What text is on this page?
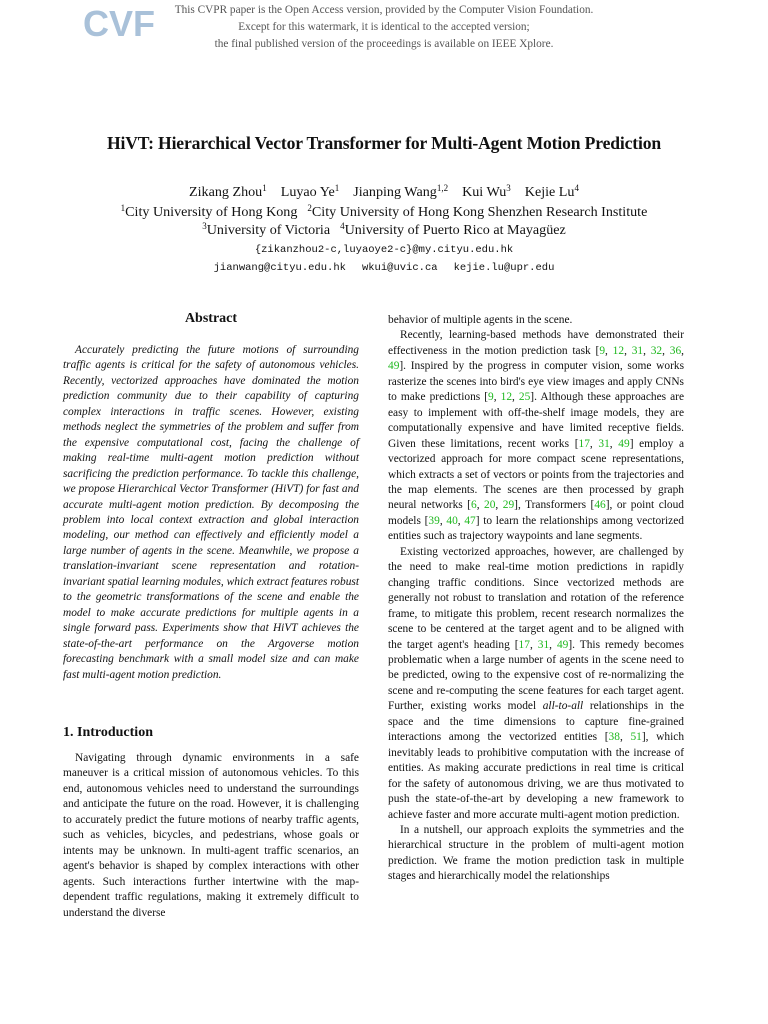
CVF	This CVPR paper is the Open Access version, provided by the Computer Vision Foundation.
Except for this watermark, it is identical to the accepted version;
the final published version of the proceedings is available on IEEE Xplore.
HiVT: Hierarchical Vector Transformer for Multi-Agent Motion Prediction
Zikang Zhou$^1$ Luyao Ye$^1$ Jianping Wang$^{1,2}$ Kui Wu$^3$ Kejie Lu$^4$
$^1$City University of Hong Kong $^2$City University of Hong Kong Shenzhen Research Institute
$^3$University of Victoria $^4$University of Puerto Rico at Mayagüez
{zikanzhou2-c,luyaoye2-c}@my.cityu.edu.hk
jianwang@cityu.edu.hk wkui@uvic.ca kejie.lu@upr.edu
Abstract

Accurately predicting the future motions of surrounding traffic agents is critical for the safety of autonomous vehicles. Recently, vectorized approaches have dominated the motion prediction community due to their capability of capturing complex interactions in traffic scenes. However, existing methods neglect the symmetries of the problem and suffer from the expensive computational cost, facing the challenge of making real-time multi-agent motion prediction without sacrificing the prediction performance. To tackle this challenge, we propose Hierarchical Vector Transformer (HiVT) for fast and accurate multi-agent motion prediction. By decomposing the problem into local context extraction and global interaction modeling, our method can effectively and efficiently model a large number of agents in the scene. Meanwhile, we propose a translation-invariant scene representation and rotation-invariant spatial learning modules, which extract features robust to the geometric transformations of the scene and enable the model to make accurate predictions for multiple agents in a single forward pass. Experiments show that HiVT achieves the state-of-the-art performance on the Argoverse motion forecasting benchmark with a small model size and can make fast multi-agent motion prediction.

1. Introduction

Navigating through dynamic environments in a safe maneuver is a critical mission of autonomous vehicles. To this end, autonomous vehicles need to understand the surroundings and anticipate the future on the road. However, it is challenging to accurately predict the future motions of nearby traffic agents, such as vehicles, bicycles, and pedestrians, whose goals or intents may be unknown. In multi-agent traffic scenarios, an agent's behavior is shaped by complex interactions with other agents. Such interactions further intertwine with the map-dependent traffic regulations, making it extremely difficult to understand the diverse

behavior of multiple agents in the scene.

Recently, learning-based methods have demonstrated their effectiveness in the motion prediction task [9, 12, 31, 32, 36, 49]. Inspired by the progress in computer vision, some works rasterize the scenes into bird's eye view images and apply CNNs to make predictions [9, 12, 25]. Although these approaches are easy to implement with off-the-shelf image models, they are computationally expensive and have limited receptive fields. Given these limitations, recent works [17, 31, 49] employ a vectorized approach for more compact scene representations, which extracts a set of vectors or points from the trajectories and the map elements. The scenes are then processed by graph neural networks [6, 20, 29], Transformers [46], or point cloud models [39, 40, 47] to learn the relationships among vectorized entities such as trajectory waypoints and lane segments.

Existing vectorized approaches, however, are challenged by the need to make real-time motion predictions in rapidly changing traffic conditions. Since vectorized methods are generally not robust to translation and rotation of the reference frame, to mitigate this problem, recent research normalizes the scene to be centered at the target agent and to be aligned with the target agent's heading [17, 31, 49]. This remedy becomes problematic when a large number of agents in the scene need to be predicted, owing to the expensive cost of re-normalizing the scene and re-computing the scene features for each target agent. Further, existing works model all-to-all relationships in the space and the time dimensions to capture fine-grained interactions among the vectorized entities [38, 51], which inevitably leads to prohibitive computation with the increase of entities. As making accurate predictions in real time is critical for the safety of autonomous driving, we are thus motivated to push the state-of-the-art by developing a new framework to achieve faster and more accurate multi-agent motion prediction.

In a nutshell, our approach exploits the symmetries and the hierarchical structure in the problem of multi-agent motion prediction. We frame the motion prediction task in multiple stages and hierarchically model the relationships
